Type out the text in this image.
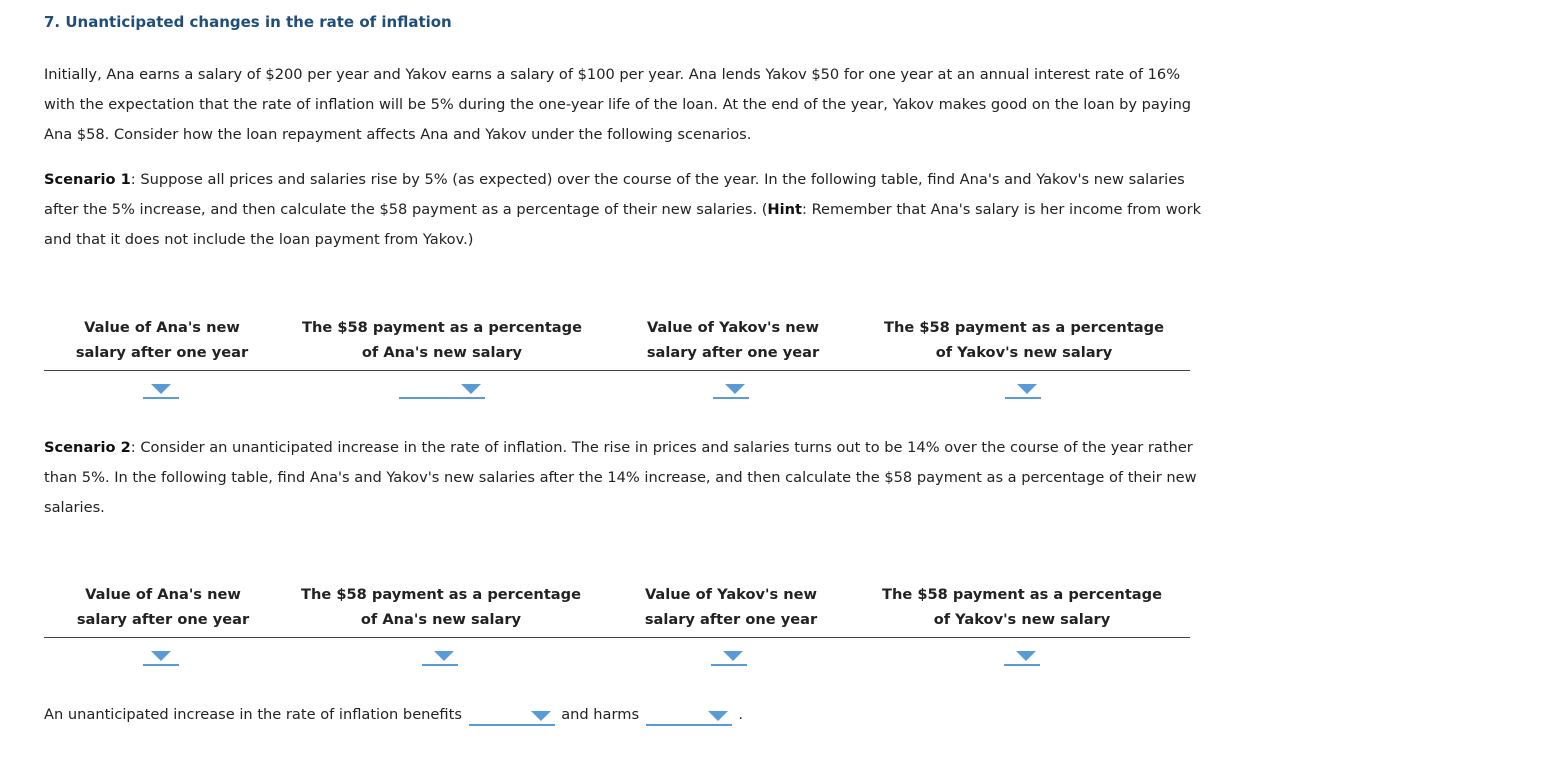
7. Unanticipated changes in the rate of inflation

Initially, Ana earns a salary of $200 per year and Yakov earns a salary of $100 per year. Ana lends Yakov $50 for one year at an annual interest rate of 16% with the expectation that the rate of inflation will be 5% during the one-year life of the loan. At the end of the year, Yakov makes good on the loan by paying Ana $58. Consider how the loan repayment affects Ana and Yakov under the following scenarios.

Scenario 1: Suppose all prices and salaries rise by 5% (as expected) over the course of the year. In the following table, find Ana's and Yakov's new salaries after the 5% increase, and then calculate the $58 payment as a percentage of their new salaries. (Hint: Remember that Ana's salary is her income from work and that it does not include the loan payment from Yakov.)

Value of Ana's new
salary after one year
The $58 payment as a percentage
of Ana's new salary
Value of Yakov's new
salary after one year
The $58 payment as a percentage
of Yakov's new salary

Scenario 2: Consider an unanticipated increase in the rate of inflation. The rise in prices and salaries turns out to be 14% over the course of the year rather than 5%. In the following table, find Ana's and Yakov's new salaries after the 14% increase, and then calculate the $58 payment as a percentage of their new salaries.

Value of Ana's new
salary after one year
The $58 payment as a percentage
of Ana's new salary
Value of Yakov's new
salary after one year
The $58 payment as a percentage
of Yakov's new salary
An unanticipated increase in the rate of inflation benefits	and harms	.
